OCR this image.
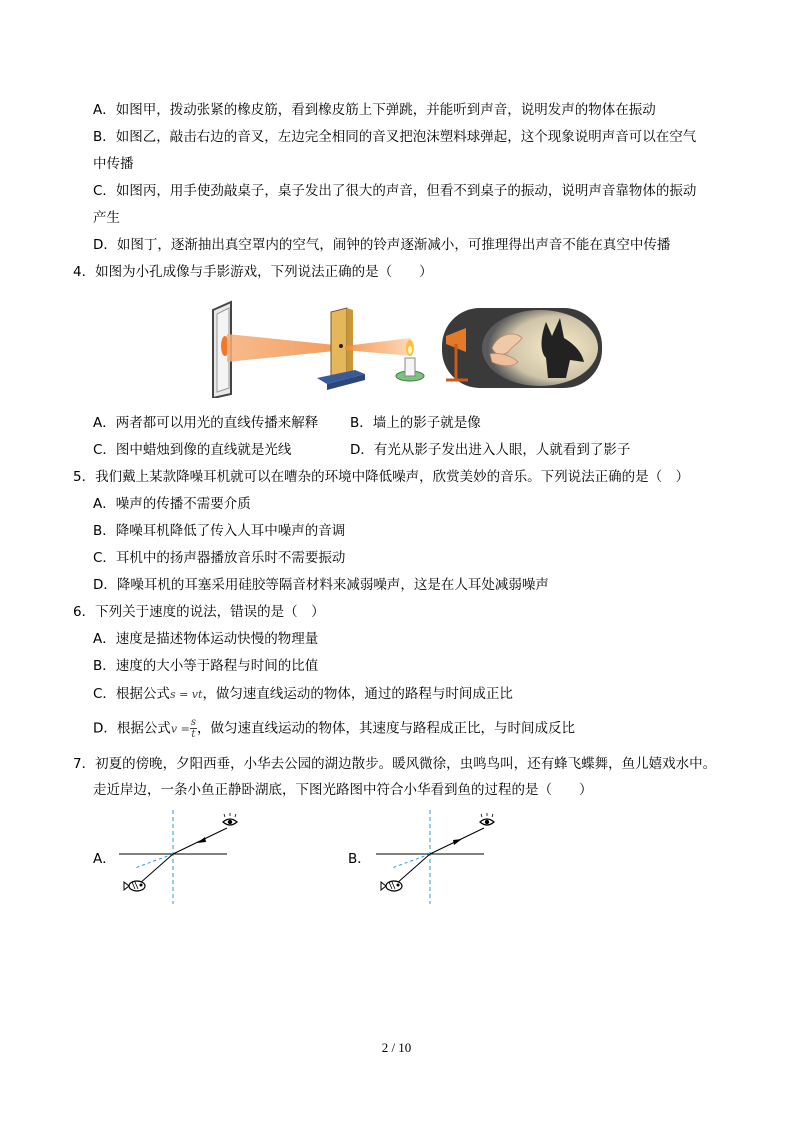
A．如图甲，拨动张紧的橡皮筋，看到橡皮筋上下弹跳，并能听到声音，说明发声的物体在振动
B．如图乙，敲击右边的音叉，左边完全相同的音叉把泡沫塑料球弹起，这个现象说明声音可以在空气
中传播
C．如图丙，用手使劲敲桌子，桌子发出了很大的声音，但看不到桌子的振动，说明声音靠物体的振动
产生
D．如图丁，逐渐抽出真空罩内的空气，闹钟的铃声逐渐减小，可推理得出声音不能在真空中传播
4．如图为小孔成像与手影游戏，下列说法正确的是（　　）
A．两者都可以用光的直线传播来解释 B．墙上的影子就是像
C．图中蜡烛到像的直线就是光线	D．有光从影子发出进入人眼，人就看到了影子
5．我们戴上某款降噪耳机就可以在嘈杂的环境中降低噪声，欣赏美妙的音乐。下列说法正确的是（　）
A．噪声的传播不需要介质
B．降噪耳机降低了传入人耳中噪声的音调
C．耳机中的扬声器播放音乐时不需要振动
D．降噪耳机的耳塞采用硅胶等隔音材料来减弱噪声，这是在人耳处减弱噪声
6．下列关于速度的说法，错误的是（　）
A．速度是描述物体运动快慢的物理量
B．速度的大小等于路程与时间的比值
C．根据公式s = vt，做匀速直线运动的物体，通过的路程与时间成正比
D．根据公式$v = \frac{s}{t}$ ，做匀速直线运动的物体，其速度与路程成正比，与时间成反比
7．初夏的傍晚，夕阳西垂，小华去公园的湖边散步。暖风微徐，虫鸣鸟叫，还有蜂飞蝶舞，鱼儿嬉戏水中。
走近岸边，一条小鱼正静卧湖底，下图光路图中符合小华看到鱼的过程的是（　　）
A．	B．
2 / 10
